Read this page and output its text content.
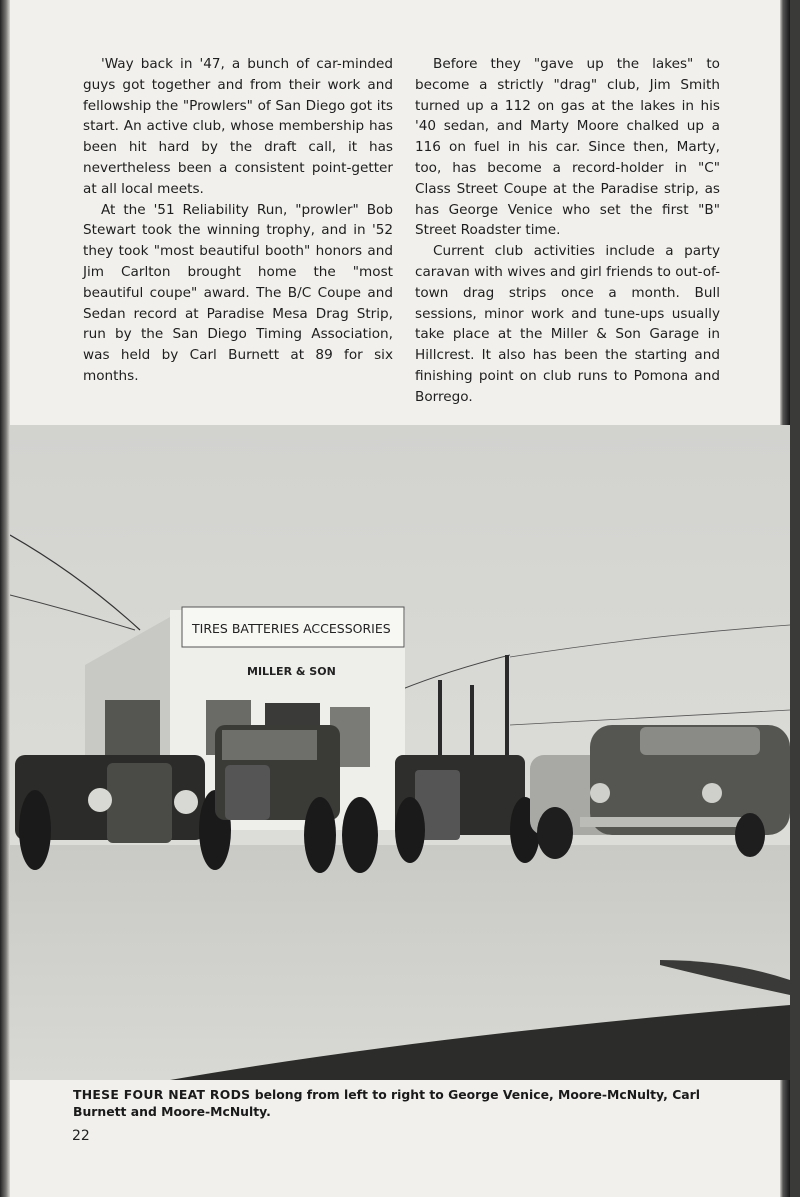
'Way back in '47, a bunch of car-minded guys got together and from their work and fellowship the "Prowlers" of San Diego got its start. An active club, whose membership has been hit hard by the draft call, it has nevertheless been a consistent point-getter at all local meets.

At the '51 Reliability Run, "prowler" Bob Stewart took the winning trophy, and in '52 they took "most beautiful booth" honors and Jim Carlton brought home the "most beautiful coupe" award. The B/C Coupe and Sedan record at Paradise Mesa Drag Strip, run by the San Diego Timing Association, was held by Carl Burnett at 89 for six months.

Before they "gave up the lakes" to become a strictly "drag" club, Jim Smith turned up a 112 on gas at the lakes in his '40 sedan, and Marty Moore chalked up a 116 on fuel in his car. Since then, Marty, too, has become a record-holder in "C" Class Street Coupe at the Paradise strip, as has George Venice who set the first "B" Street Roadster time.

Current club activities include a party caravan with wives and girl friends to out-of-town drag strips once a month. Bull sessions, minor work and tune-ups usually take place at the Miller & Son Garage in Hillcrest. It also has been the starting and finishing point on club runs to Pomona and Borrego.

TIRES BATTERIES ACCESSORIES
MILLER & SON
THESE FOUR NEAT RODS belong from left to right to George Venice, Moore-McNulty, Carl Burnett and Moore-McNulty.
22
